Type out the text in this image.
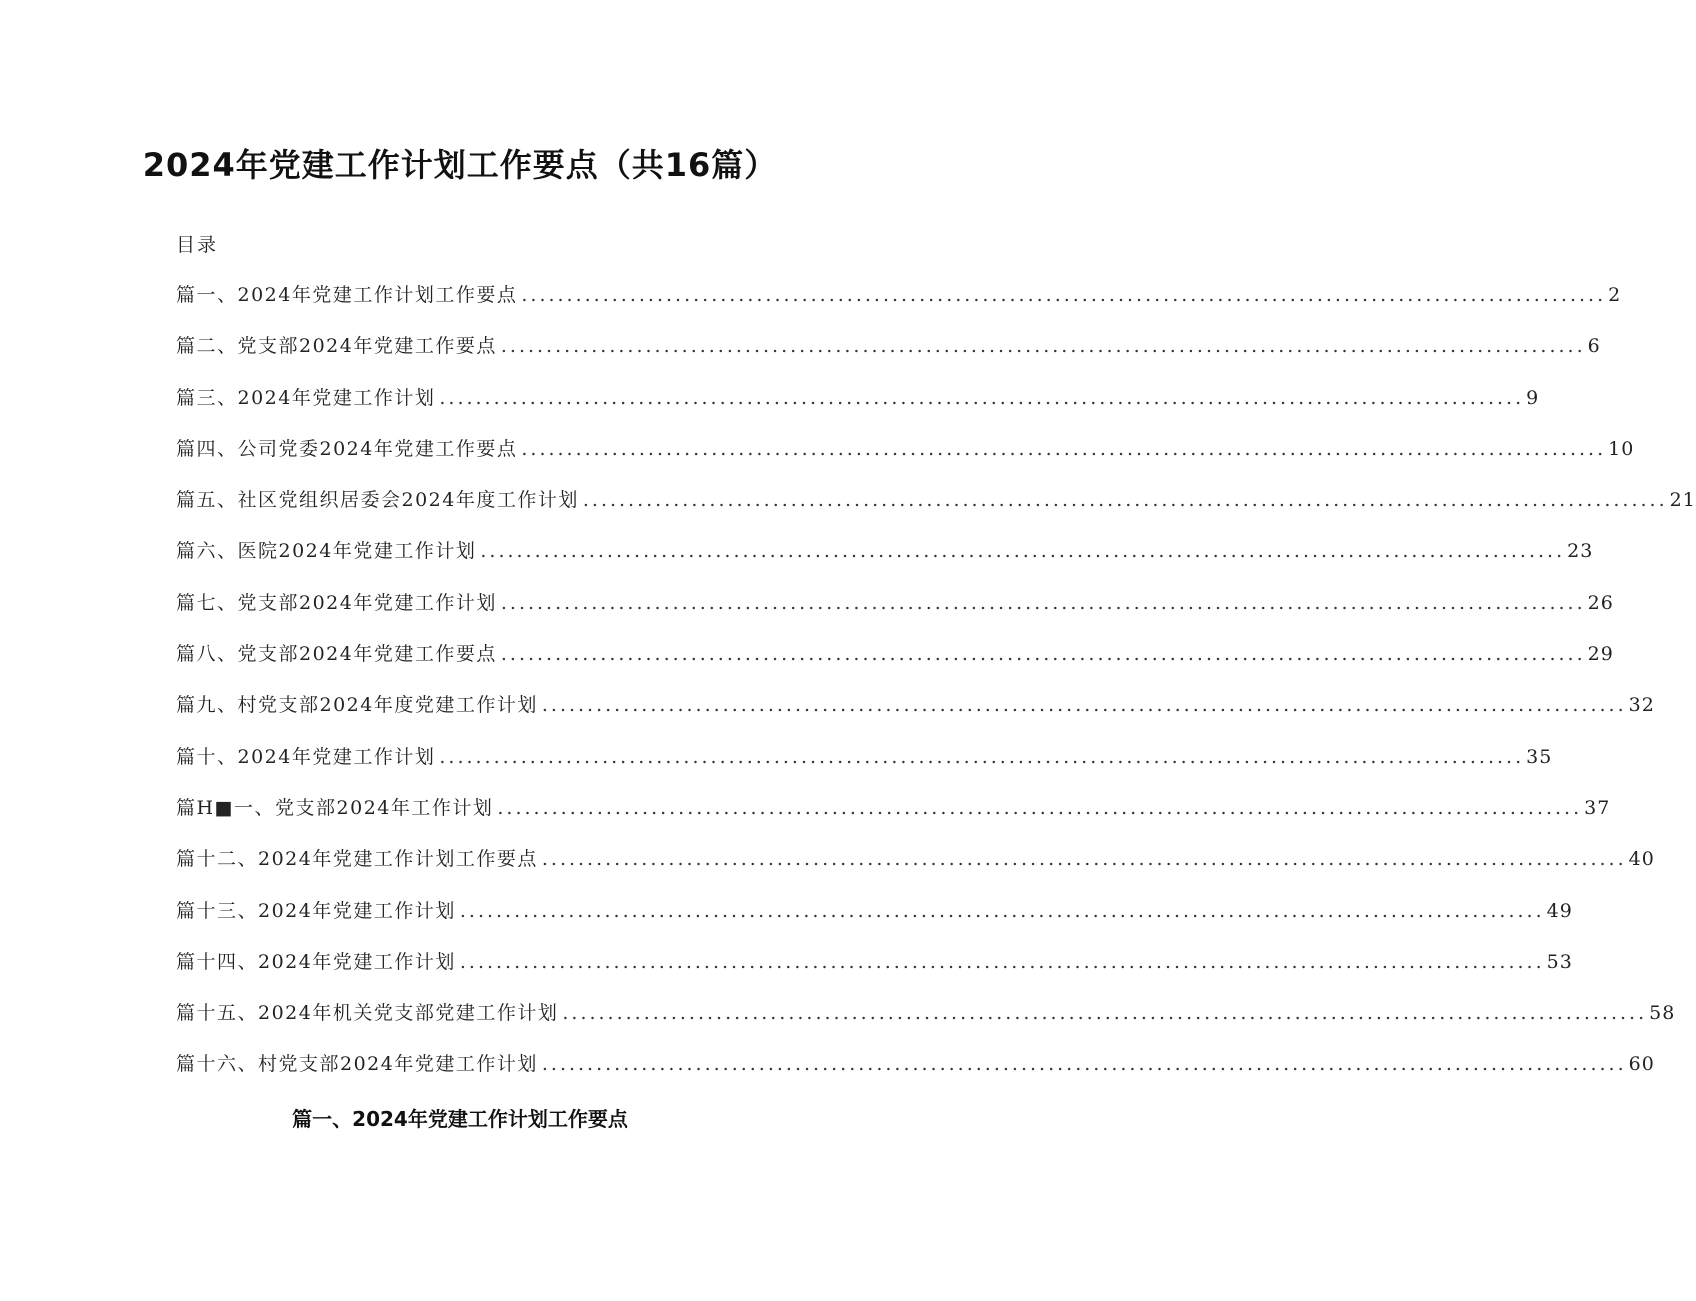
2024年党建工作计划工作要点（共16篇）
目录
篇一、2024年党建工作计划工作要点 ........................................................................................................................ 2
篇二、党支部2024年党建工作要点 ........................................................................................................................ 6
篇三、2024年党建工作计划 ........................................................................................................................ 9
篇四、公司党委2024年党建工作要点 ........................................................................................................................ 10
篇五、社区党组织居委会2024年度工作计划 ........................................................................................................................ 21
篇六、医院2024年党建工作计划 ........................................................................................................................ 23
篇七、党支部2024年党建工作计划 ........................................................................................................................ 26
篇八、党支部2024年党建工作要点 ........................................................................................................................ 29
篇九、村党支部2024年度党建工作计划 ........................................................................................................................ 32
篇十、2024年党建工作计划 ........................................................................................................................ 35
篇H■一、党支部2024年工作计划 ........................................................................................................................ 37
篇十二、2024年党建工作计划工作要点 ........................................................................................................................ 40
篇十三、2024年党建工作计划 ........................................................................................................................ 49
篇十四、2024年党建工作计划 ........................................................................................................................ 53
篇十五、2024年机关党支部党建工作计划 ........................................................................................................................ 58
篇十六、村党支部2024年党建工作计划 ........................................................................................................................ 60
篇一、2024年党建工作计划工作要点
